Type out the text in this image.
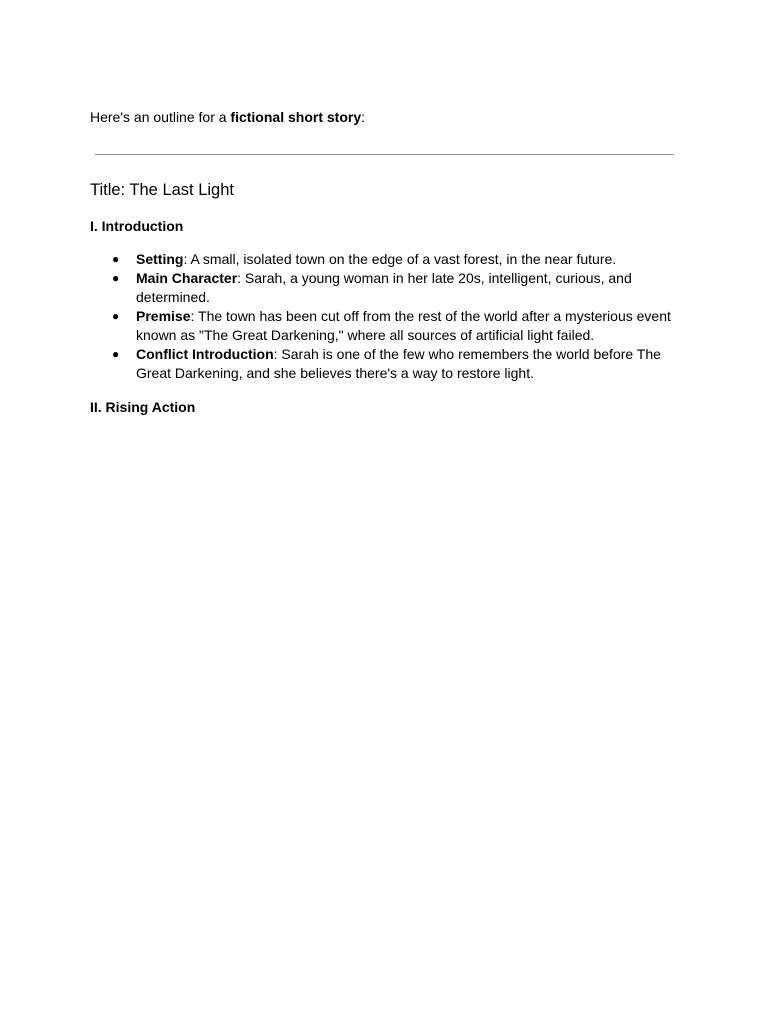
Here's an outline for a fictional short story:
Title: The Last Light
I. Introduction
● Setting: A small, isolated town on the edge of a vast forest, in the near future.
● Main Character: Sarah, a young woman in her late 20s, intelligent, curious, and determined.
● Premise: The town has been cut off from the rest of the world after a mysterious event known as "The Great Darkening," where all sources of artificial light failed.
● Conflict Introduction: Sarah is one of the few who remembers the world before The Great Darkening, and she believes there's a way to restore light.
II. Rising Action
